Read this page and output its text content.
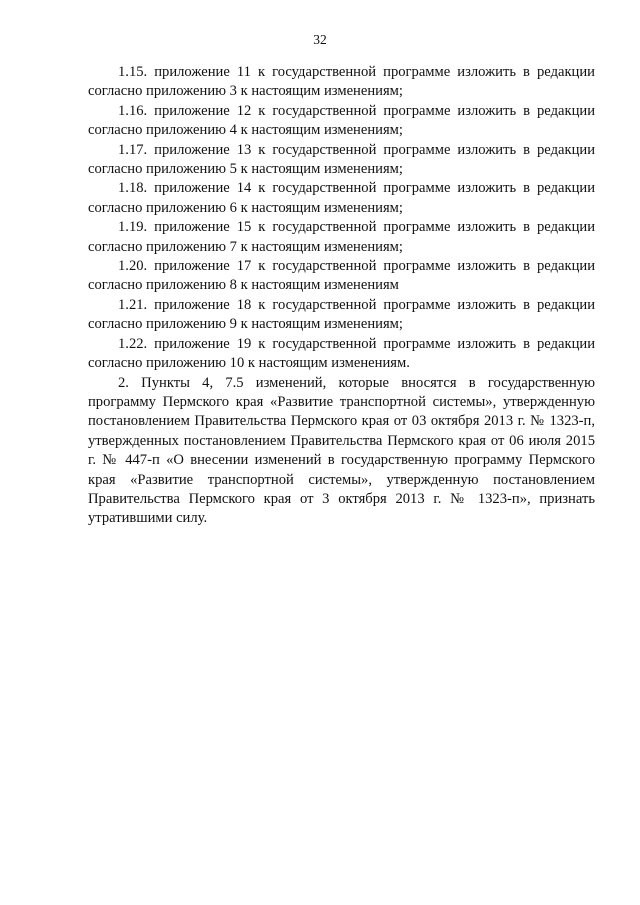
32

1.15. приложение 11 к государственной программе изложить в редакции согласно приложению 3 к настоящим изменениям;

1.16. приложение 12 к государственной программе изложить в редакции согласно приложению 4 к настоящим изменениям;

1.17. приложение 13 к государственной программе изложить в редакции согласно приложению 5 к настоящим изменениям;

1.18. приложение 14 к государственной программе изложить в редакции согласно приложению 6 к настоящим изменениям;

1.19. приложение 15 к государственной программе изложить в редакции согласно приложению 7 к настоящим изменениям;

1.20. приложение 17 к государственной программе изложить в редакции согласно приложению 8 к настоящим изменениям

1.21. приложение 18 к государственной программе изложить в редакции согласно приложению 9 к настоящим изменениям;

1.22. приложение 19 к государственной программе изложить в редакции согласно приложению 10 к настоящим изменениям.

2. Пункты 4, 7.5 изменений, которые вносятся в государственную программу Пермского края «Развитие транспортной системы», утвержденную постановлением Правительства Пермского края от 03 октября 2013 г. № 1323-п, утвержденных постановлением Правительства Пермского края от 06 июля 2015 г. № 447-п «О внесении изменений в государственную программу Пермского края «Развитие транспортной системы», утвержденную постановлением Правительства Пермского края от 3 октября 2013 г. № 1323-п», признать утратившими силу.
